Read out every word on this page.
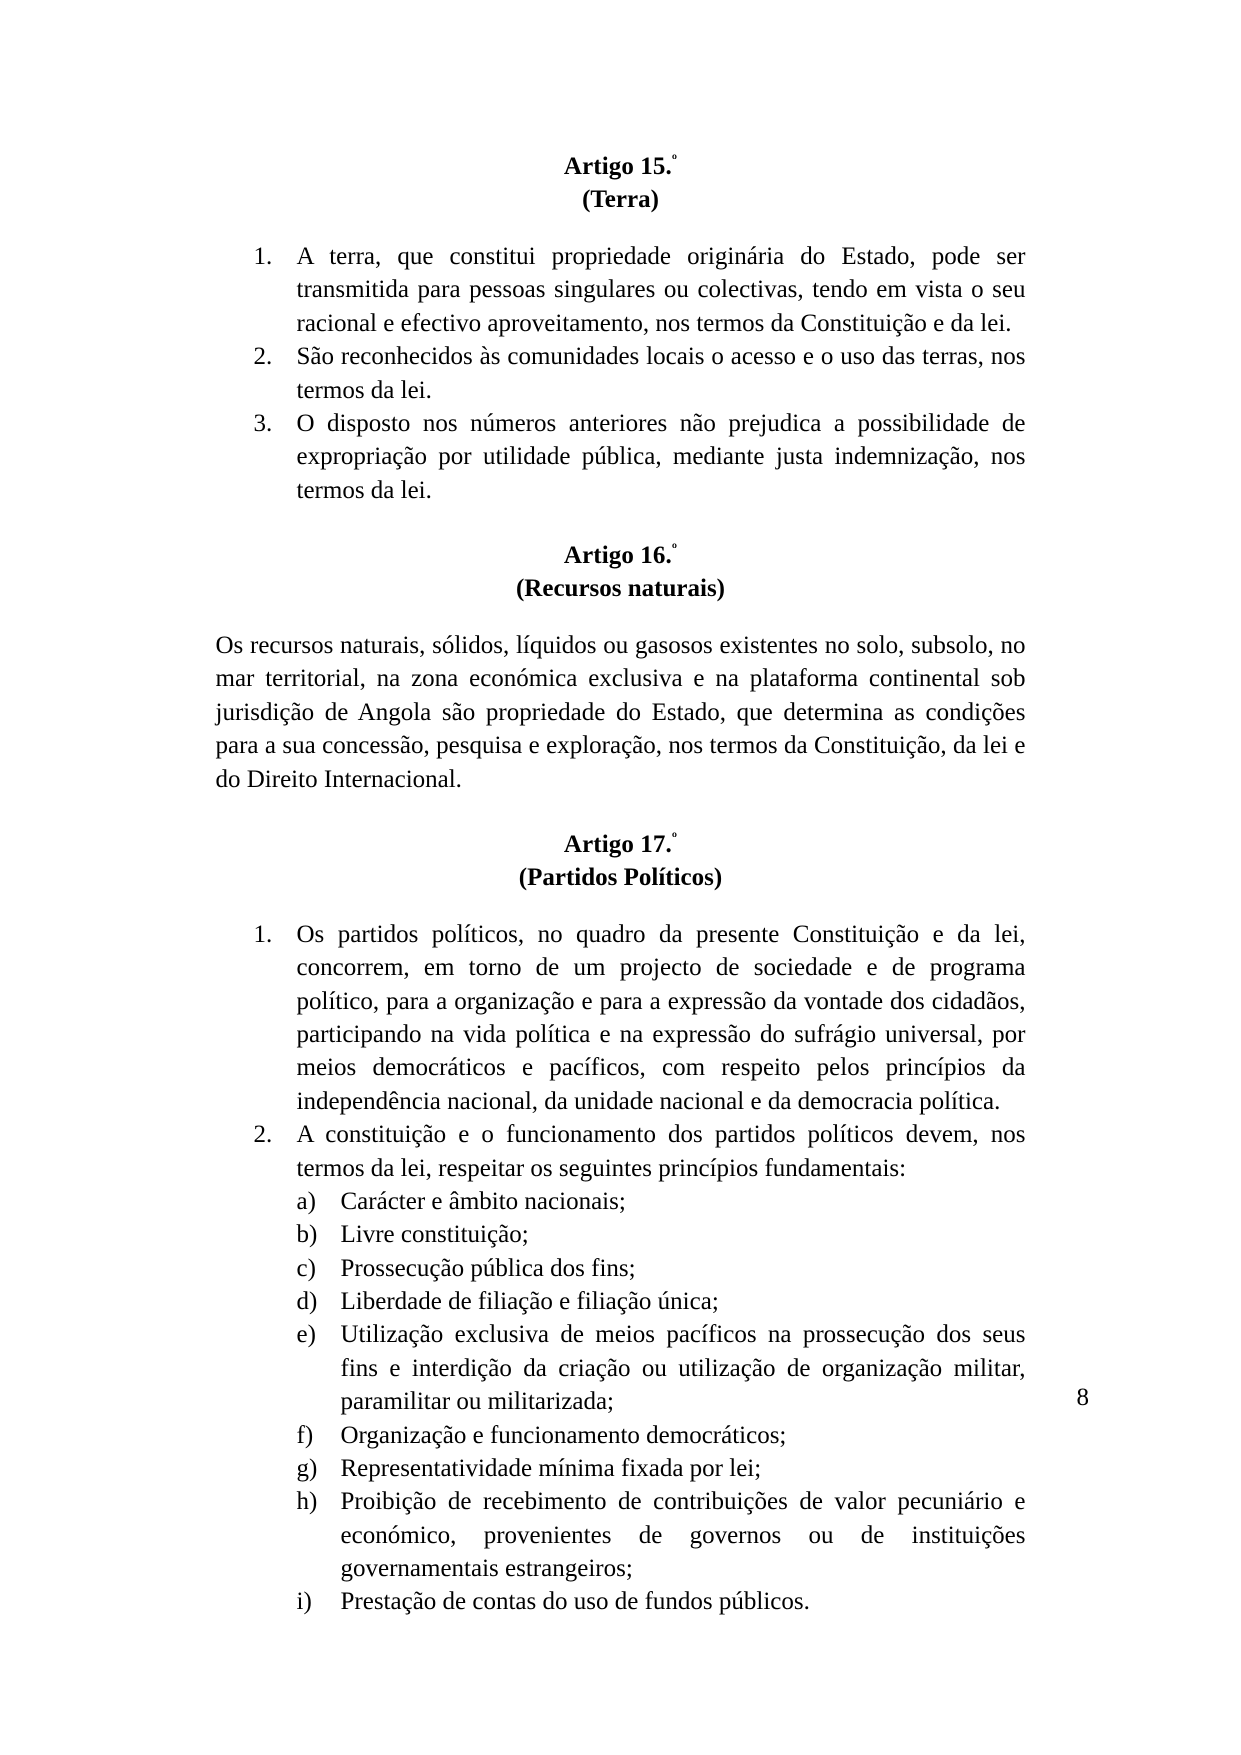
Artigo 15.$^º$
(Terra)
1. A terra, que constitui propriedade originária do Estado, pode ser transmitida para pessoas singulares ou colectivas, tendo em vista o seu racional e efectivo aproveitamento, nos termos da Constituição e da lei.
2. São reconhecidos às comunidades locais o acesso e o uso das terras, nos termos da lei.
3. O disposto nos números anteriores não prejudica a possibilidade de expropriação por utilidade pública, mediante justa indemnização, nos termos da lei.
Artigo 16.$^º$
(Recursos naturais)

Os recursos naturais, sólidos, líquidos ou gasosos existentes no solo, subsolo, no mar territorial, na zona económica exclusiva e na plataforma continental sob jurisdição de Angola são propriedade do Estado, que determina as condições para a sua concessão, pesquisa e exploração, nos termos da Constituição, da lei e do Direito Internacional.

Artigo 17.$^º$
(Partidos Políticos)
1. Os partidos políticos, no quadro da presente Constituição e da lei, concorrem, em torno de um projecto de sociedade e de programa político, para a organização e para a expressão da vontade dos cidadãos, participando na vida política e na expressão do sufrágio universal, por meios democráticos e pacíficos, com respeito pelos princípios da independência nacional, da unidade nacional e da democracia política.
2. A constituição e o funcionamento dos partidos políticos devem, nos termos da lei, respeitar os seguintes princípios fundamentais:
a) Carácter e âmbito nacionais;
b) Livre constituição;
c) Prossecução pública dos fins;
d) Liberdade de filiação e filiação única;
e) Utilização exclusiva de meios pacíficos na prossecução dos seus fins e interdição da criação ou utilização de organização militar, paramilitar ou militarizada;
f)	Organização e funcionamento democráticos;
g) Representatividade mínima fixada por lei;
h) Proibição de recebimento de contribuições de valor pecuniário e económico, provenientes de governos ou de instituições governamentais estrangeiros;
i)	Prestação de contas do uso de fundos públicos.
8
